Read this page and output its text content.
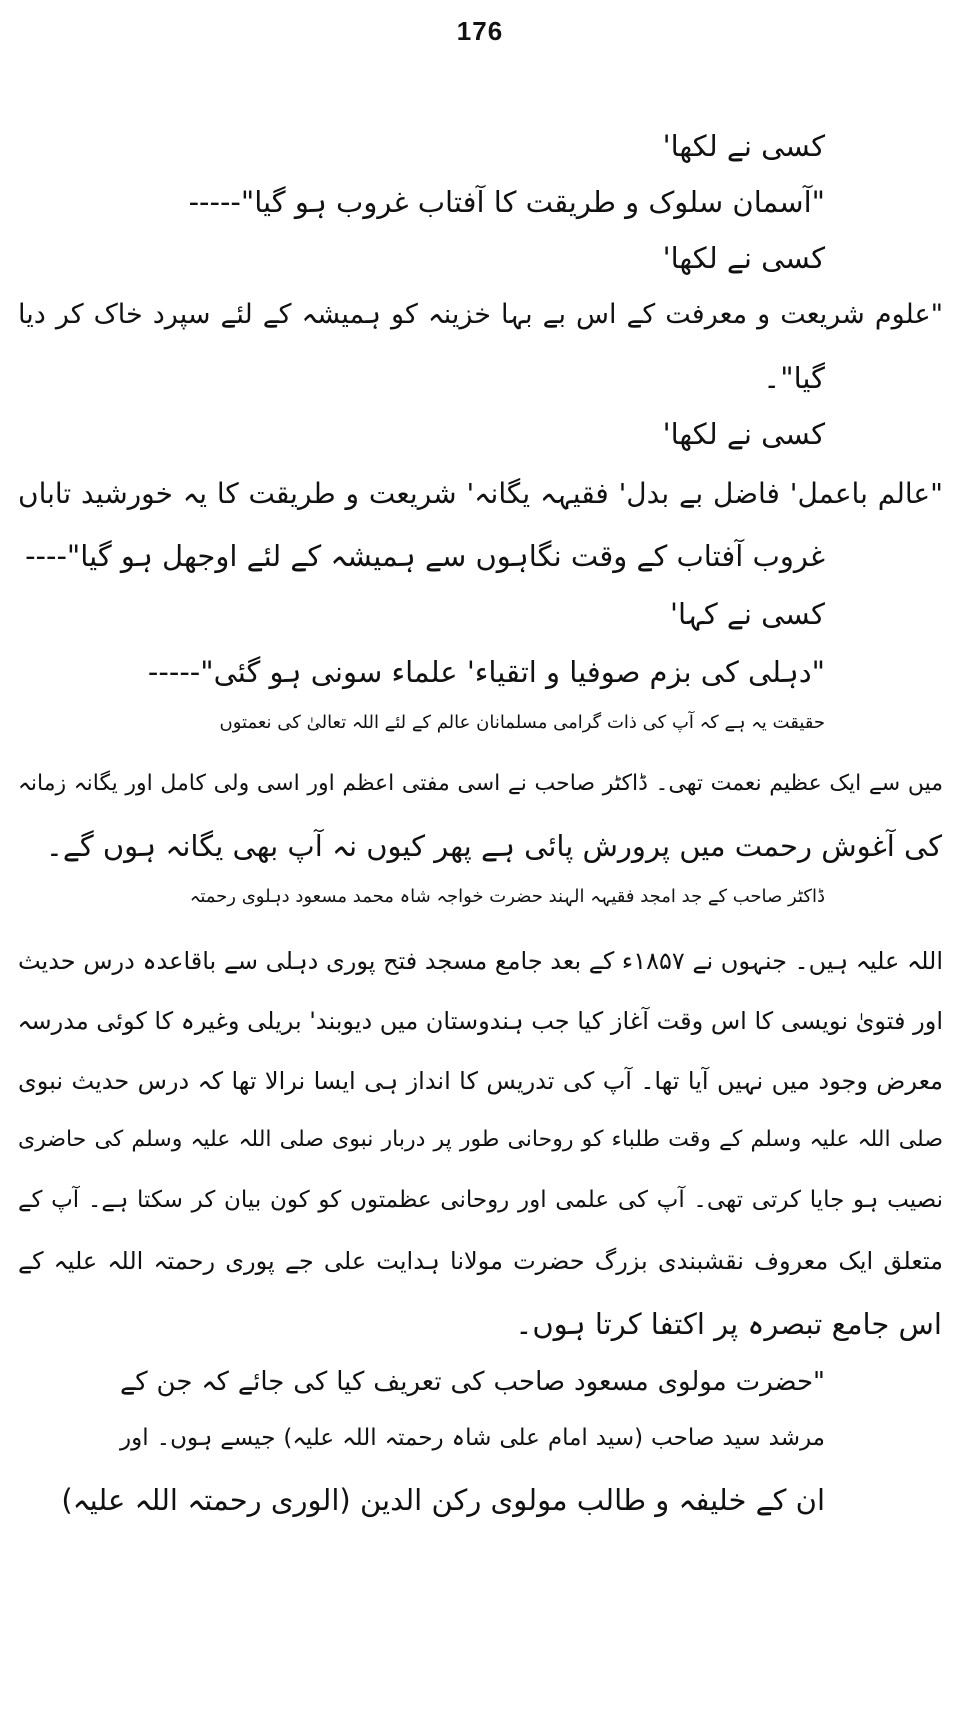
176
کسی نے لکھا'
"آسمان سلوک و طریقت کا آفتاب غروب ہو گیا"-----
کسی نے لکھا'
"علوم شریعت و معرفت کے اس بے بہا خزینہ کو ہمیشہ کے لئے سپرد خاک کر دیا
گیا"۔
کسی نے لکھا'
"عالم باعمل' فاضل بے بدل' فقیہہ یگانہ' شریعت و طریقت کا یہ خورشید تاباں
غروب آفتاب کے وقت نگاہوں سے ہمیشہ کے لئے اوجھل ہو گیا"----
کسی نے کہا'
"دہلی کی بزم صوفیا و اتقیاء' علماء سونی ہو گئی"-----
حقیقت یہ ہے کہ آپ کی ذات گرامی مسلمانان عالم کے لئے اللہ تعالیٰ کی نعمتوں
میں سے ایک عظیم نعمت تھی۔ ڈاکٹر صاحب نے اسی مفتی اعظم اور اسی ولی کامل اور یگانہ زمانہ
کی آغوش رحمت میں پرورش پائی ہے پھر کیوں نہ آپ بھی یگانہ ہوں گے۔
ڈاکٹر صاحب کے جد امجد فقیہہ الہند حضرت خواجہ شاہ محمد مسعود دہلوی رحمتہ
اللہ علیہ ہیں۔ جنہوں نے ۱۸۵۷ء کے بعد جامع مسجد فتح پوری دہلی سے باقاعدہ درس حدیث
اور فتویٰ نویسی کا اس وقت آغاز کیا جب ہندوستان میں دیوبند' بریلی وغیرہ کا کوئی مدرسہ
معرض وجود میں نہیں آیا تھا۔ آپ کی تدریس کا انداز ہی ایسا نرالا تھا کہ درس حدیث نبوی
صلی اللہ علیہ وسلم کے وقت طلباء کو روحانی طور پر دربار نبوی صلی اللہ علیہ وسلم کی حاضری
نصیب ہو جایا کرتی تھی۔ آپ کی علمی اور روحانی عظمتوں کو کون بیان کر سکتا ہے۔ آپ کے
متعلق ایک معروف نقشبندی بزرگ حضرت مولانا ہدایت علی جے پوری رحمتہ اللہ علیہ کے
اس جامع تبصرہ پر اکتفا کرتا ہوں۔
"حضرت مولوی مسعود صاحب کی تعریف کیا کی جائے کہ جن کے
مرشد سید صاحب (سید امام علی شاہ رحمتہ اللہ علیہ) جیسے ہوں۔ اور
ان کے خلیفہ و طالب مولوی رکن الدین (الوری رحمتہ اللہ علیہ)
